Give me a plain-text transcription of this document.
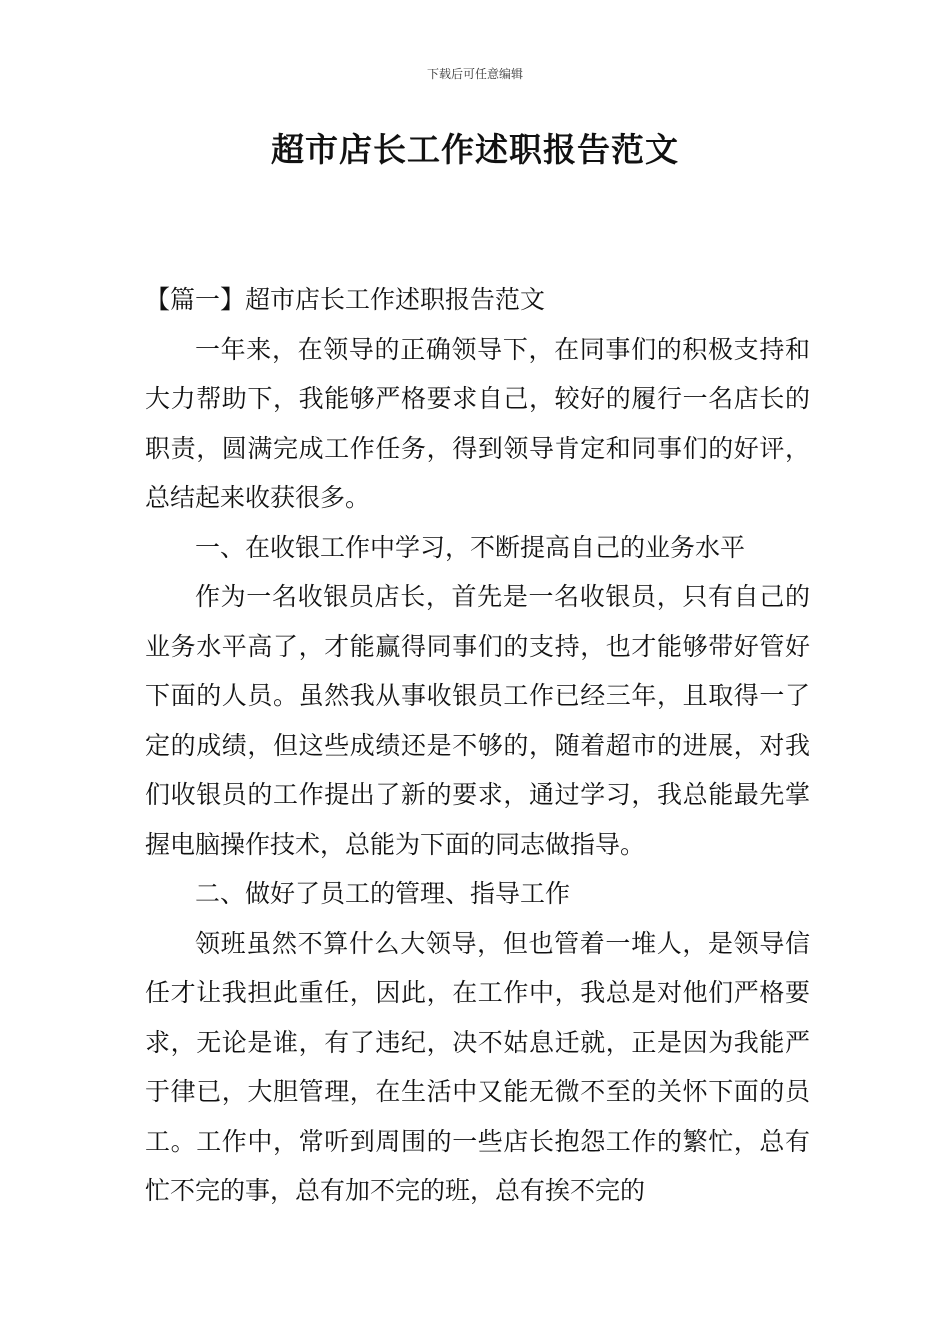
下载后可任意编辑
超市店长工作述职报告范文

【篇一】超市店长工作述职报告范文

一年来，在领导的正确领导下，在同事们的积极支持和大力帮助下，我能够严格要求自己，较好的履行一名店长的职责，圆满完成工作任务，得到领导肯定和同事们的好评，总结起来收获很多。

一、在收银工作中学习，不断提高自己的业务水平

作为一名收银员店长，首先是一名收银员，只有自己的业务水平高了，才能赢得同事们的支持，也才能够带好管好下面的人员。虽然我从事收银员工作已经三年，且取得一了定的成绩，但这些成绩还是不够的，随着超市的进展，对我们收银员的工作提出了新的要求，通过学习，我总能最先掌握电脑操作技术，总能为下面的同志做指导。

二、做好了员工的管理、指导工作

领班虽然不算什么大领导，但也管着一堆人，是领导信任才让我担此重任，因此，在工作中，我总是对他们严格要求，无论是谁，有了违纪，决不姑息迁就，正是因为我能严于律已，大胆管理，在生活中又能无微不至的关怀下面的员工。工作中，常听到周围的一些店长抱怨工作的繁忙，总有忙不完的事，总有加不完的班，总有挨不完的
